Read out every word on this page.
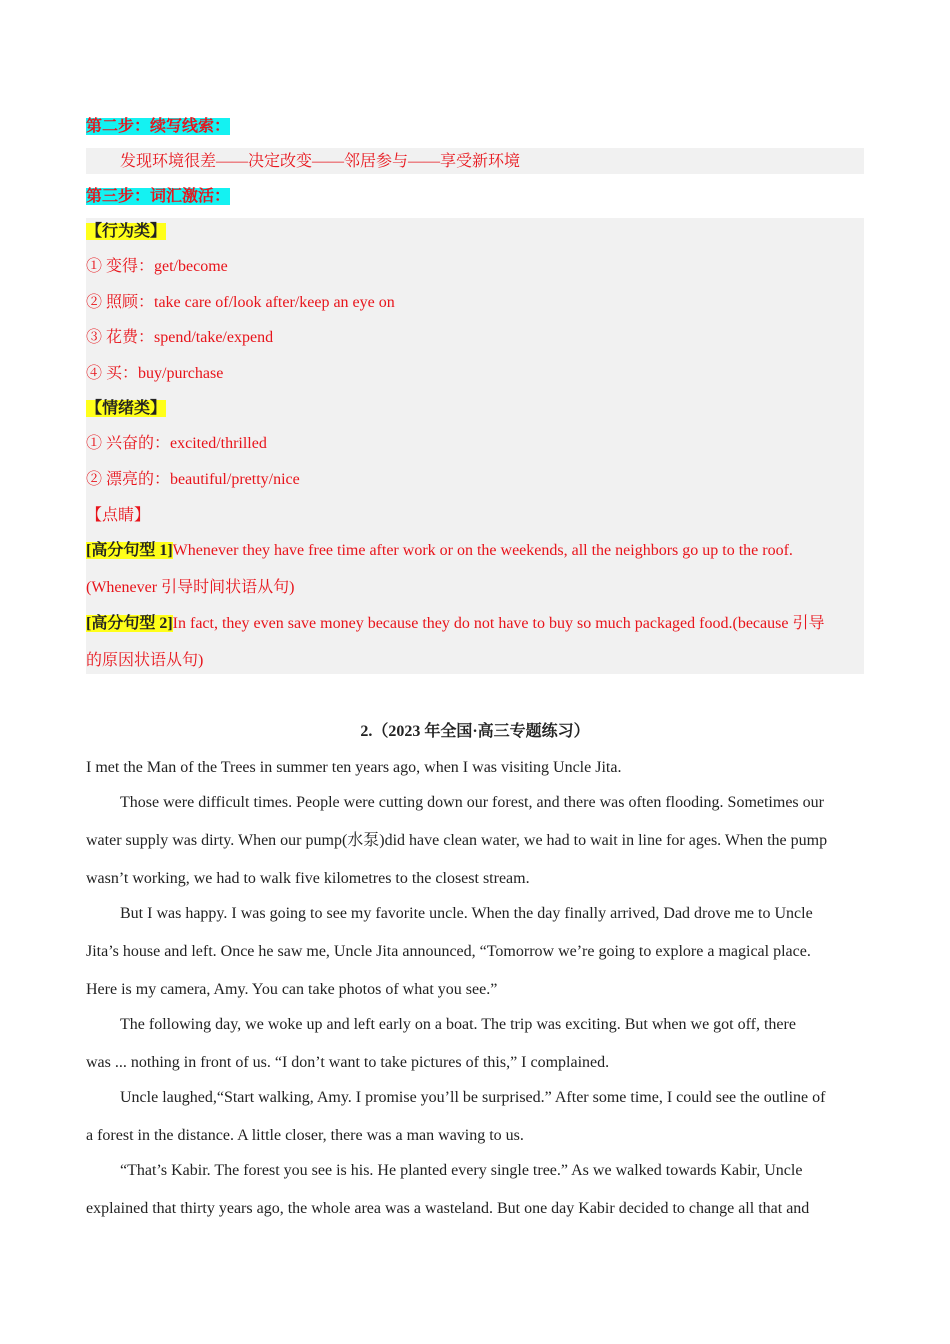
第二步：续写线索：
发现环境很差——决定改变——邻居参与——享受新环境
第三步：词汇激活：
【行为类】
① 变得：get/become
② 照顾：take care of/look after/keep an eye on
③ 花费：spend/take/expend
④ 买：buy/purchase
【情绪类】
① 兴奋的：excited/thrilled
② 漂亮的：beautiful/pretty/nice
【点睛】
[高分句型 1]Whenever they have free time after work or on the weekends, all the neighbors go up to the roof.
(Whenever 引导时间状语从句)
[高分句型 2]In fact, they even save money because they do not have to buy so much packaged food.(because 引导
的原因状语从句)
2.（2023 年全国·高三专题练习）
I met the Man of the Trees in summer ten years ago, when I was visiting Uncle Jita.
Those were difficult times. People were cutting down our forest, and there was often flooding. Sometimes our
water supply was dirty. When our pump(水泵)did have clean water, we had to wait in line for ages. When the pump
wasn’t working, we had to walk five kilometres to the closest stream.
But I was happy. I was going to see my favorite uncle. When the day finally arrived, Dad drove me to Uncle
Jita’s house and left. Once he saw me, Uncle Jita announced, “Tomorrow we’re going to explore a magical place.
Here is my camera, Amy. You can take photos of what you see.”
The following day, we woke up and left early on a boat. The trip was exciting. But when we got off, there
was ... nothing in front of us. “I don’t want to take pictures of this,” I complained.
Uncle laughed,“Start walking, Amy. I promise you’ll be surprised.” After some time, I could see the outline of
a forest in the distance. A little closer, there was a man waving to us.
“That’s Kabir. The forest you see is his. He planted every single tree.” As we walked towards Kabir, Uncle
explained that thirty years ago, the whole area was a wasteland. But one day Kabir decided to change all that and
